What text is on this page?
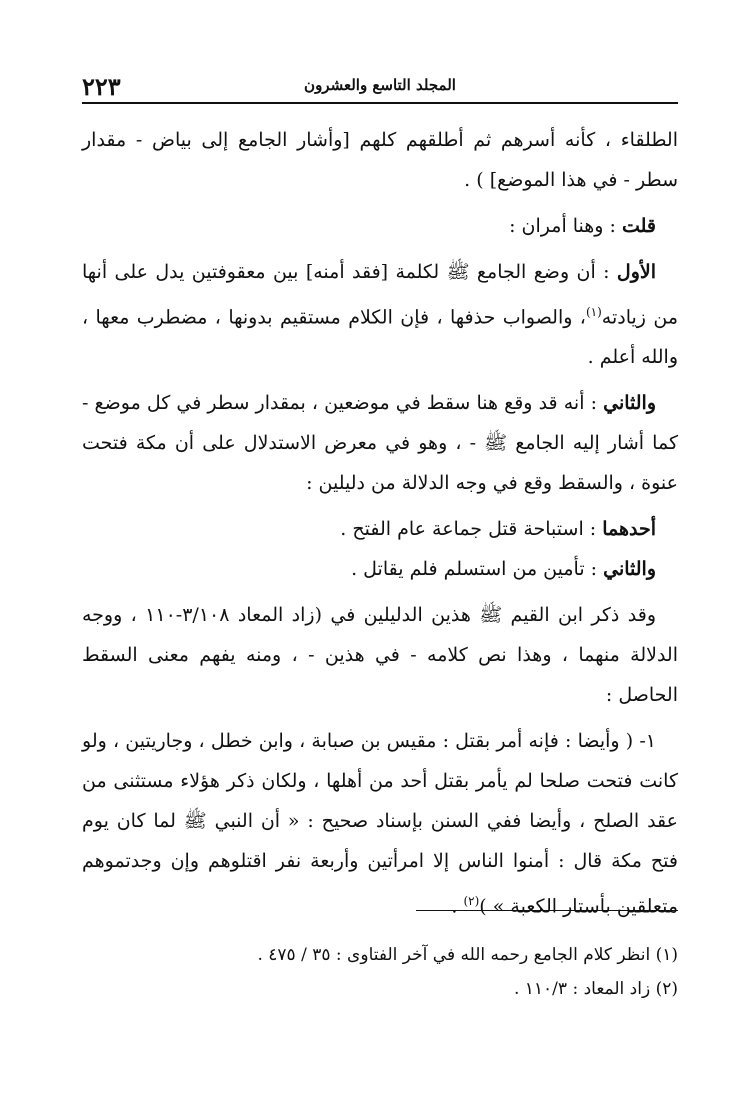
٢٢٣	المجلد التاسع والعشرون

الطلقاء ، كأنه أسرهم ثم أطلقهم كلهم [وأشار الجامع إلى بياض - مقدار سطر - في هذا الموضع] ) .

قلت : وهنا أمران :

الأول : أن وضع الجامع ﷺ لكلمة [فقد أمنه] بين معقوفتين يدل على أنها من زيادته$^{(١)}$، والصواب حذفها ، فإن الكلام مستقيم بدونها ، مضطرب معها ، والله أعلم .

والثاني : أنه قد وقع هنا سقط في موضعين ، بمقدار سطر في كل موضع - كما أشار إليه الجامع ﷺ - ، وهو في معرض الاستدلال على أن مكة فتحت عنوة ، والسقط وقع في وجه الدلالة من دليلين :

أحدهما : استباحة قتل جماعة عام الفتح .

والثاني : تأمين من استسلم فلم يقاتل .

وقد ذكر ابن القيم ﷺ هذين الدليلين في (زاد المعاد ٣/١٠٨-١١٠ ، ووجه الدلالة منهما ، وهذا نص كلامه - في هذين - ، ومنه يفهم معنى السقط الحاصل :

١- ( وأيضا : فإنه أمر بقتل : مقيس بن صبابة ، وابن خطل ، وجاريتين ، ولو كانت فتحت صلحا لم يأمر بقتل أحد من أهلها ، ولكان ذكر هؤلاء مستثنى من عقد الصلح ، وأيضا ففي السنن بإسناد صحيح : « أن النبي ﷺ لما كان يوم فتح مكة قال : أمنوا الناس إلا امرأتين وأربعة نفر اقتلوهم وإن وجدتموهم متعلقين بأستار الكعبة » )$^{(٢)}$ .

(١) انظر كلام الجامع رحمه الله في آخر الفتاوى : ٣٥ / ٤٧٥ .

(٢) زاد المعاد : ١١٠/٣ .
